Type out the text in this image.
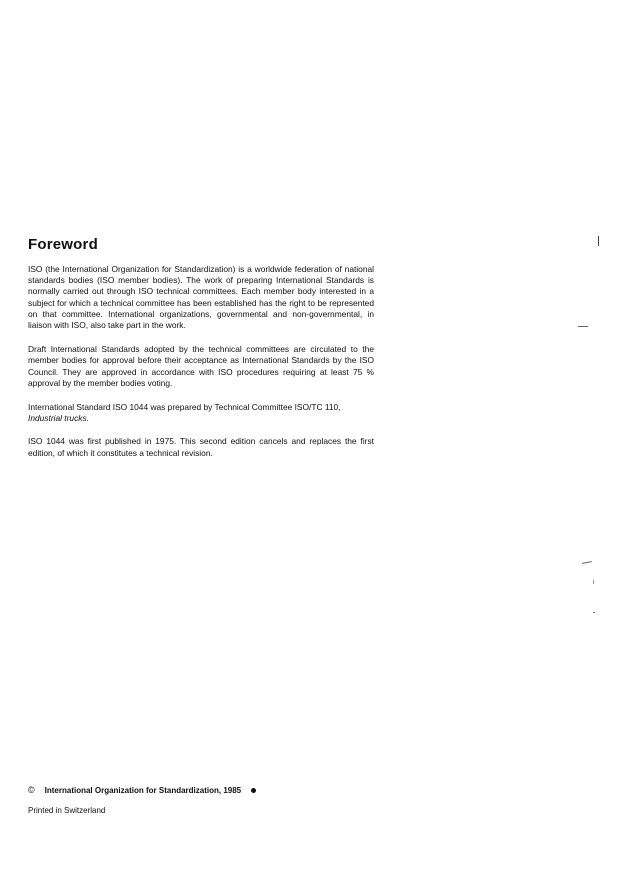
Foreword

ISO (the International Organization for Standardization) is a worldwide federation of national standards bodies (ISO member bodies). The work of preparing International Standards is normally carried out through ISO technical committees. Each member body interested in a subject for which a technical committee has been established has the right to be represented on that committee. International organizations, governmental and non-governmental, in liaison with ISO, also take part in the work.

Draft International Standards adopted by the technical committees are circulated to the member bodies for approval before their acceptance as International Standards by the ISO Council. They are approved in accordance with ISO procedures requiring at least 75 % approval by the member bodies voting.

International Standard ISO 1044 was prepared by Technical Committee ISO/TC 110,
Industrial trucks.

ISO 1044 was first published in 1975. This second edition cancels and replaces the first edition, of which it constitutes a technical revision.

© International Organization for Standardization, 1985
Printed in Switzerland
